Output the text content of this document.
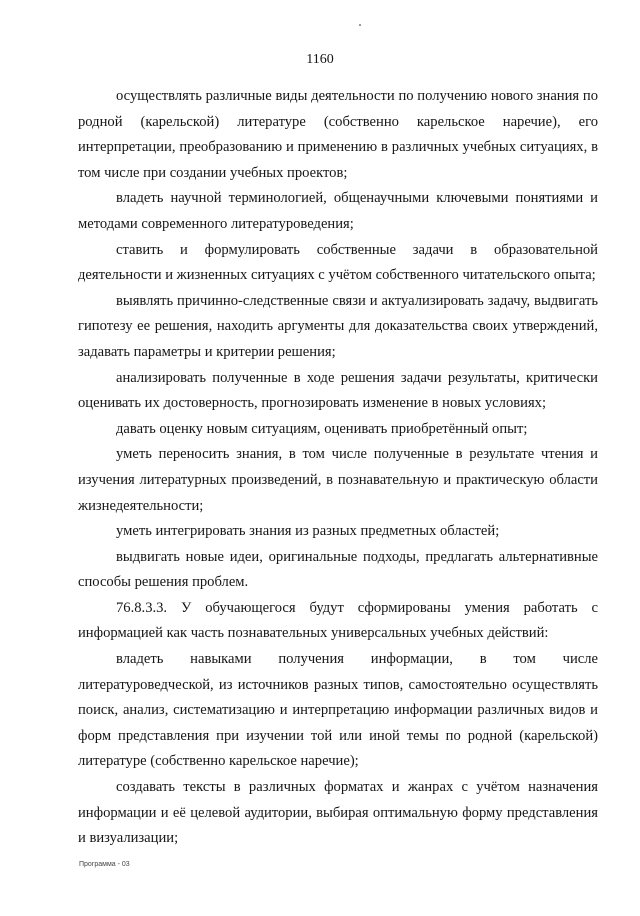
1160

осуществлять различные виды деятельности по получению нового знания по родной (карельской) литературе (собственно карельское наречие), его интерпретации, преобразованию и применению в различных учебных ситуациях, в том числе при создании учебных проектов;

владеть научной терминологией, общенаучными ключевыми понятиями и методами современного литературоведения;

ставить и формулировать собственные задачи в образовательной деятельности и жизненных ситуациях с учётом собственного читательского опыта;

выявлять причинно-следственные связи и актуализировать задачу, выдвигать гипотезу ее решения, находить аргументы для доказательства своих утверждений, задавать параметры и критерии решения;

анализировать полученные в ходе решения задачи результаты, критически оценивать их достоверность, прогнозировать изменение в новых условиях;

давать оценку новым ситуациям, оценивать приобретённый опыт;

уметь переносить знания, в том числе полученные в результате чтения и изучения литературных произведений, в познавательную и практическую области жизнедеятельности;

уметь интегрировать знания из разных предметных областей;

выдвигать новые идеи, оригинальные подходы, предлагать альтернативные способы решения проблем.

76.8.3.3. У обучающегося будут сформированы умения работать с информацией как часть познавательных универсальных учебных действий:

владеть навыками получения информации, в том числе литературоведческой, из источников разных типов, самостоятельно осуществлять поиск, анализ, систематизацию и интерпретацию информации различных видов и форм представления при изучении той или иной темы по родной (карельской) литературе (собственно карельское наречие);

создавать тексты в различных форматах и жанрах с учётом назначения информации и её целевой аудитории, выбирая оптимальную форму представления и визуализации;

Программа - 03
